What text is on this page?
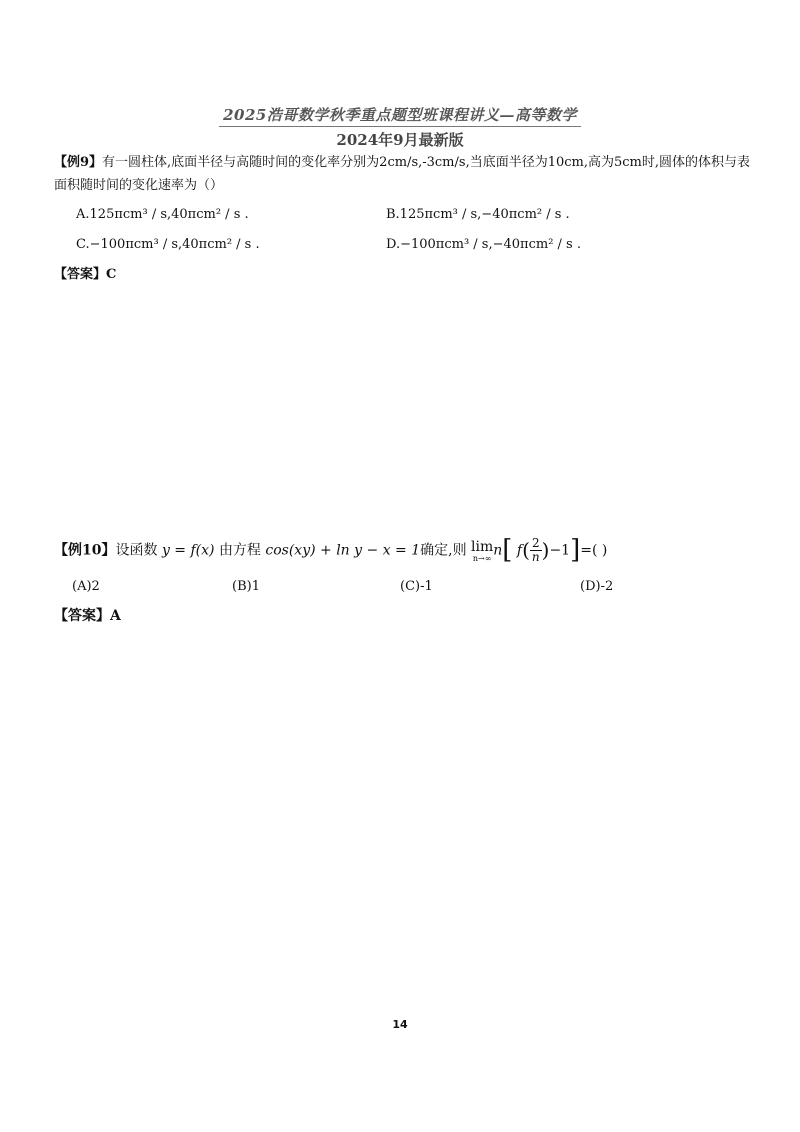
2025浩哥数学秋季重点题型班课程讲义—高等数学
2024年9月最新版
【例9】有一圆柱体,底面半径与高随时间的变化率分别为2cm/s,-3cm/s,当底面半径为10cm,高为5cm时,圆体的体积与表面积随时间的变化速率为（）
A.125πcm³ / s,40πcm² / s .	B.125πcm³ / s,−40πcm² / s .
C.−100πcm³ / s,40πcm² / s .	D.−100πcm³ / s,−40πcm² / s .
【答案】C
【例10】设函数 y = f(x) 由方程 cos(xy) + ln y − x = 1确定,则 lim
n→∞ n[ $f( \frac{2}{n} )-1]=$( )
(A)2	(B)1	(C)-1	(D)-2
【答案】A
14
